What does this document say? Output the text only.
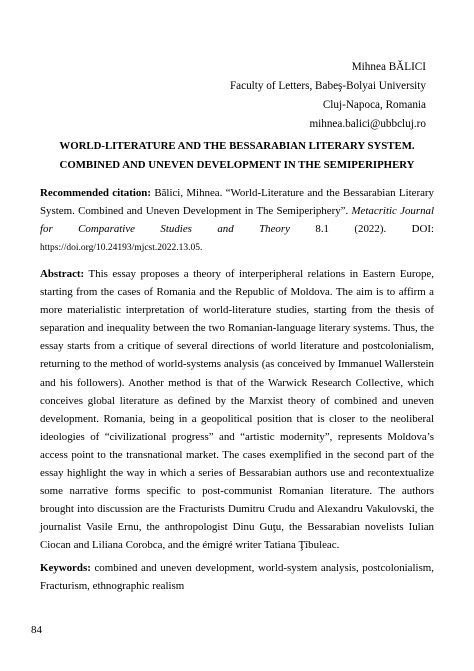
Mihnea BĂLICI
Faculty of Letters, Babeş-Bolyai University
Cluj-Napoca, Romania
mihnea.balici@ubbcluj.ro
WORLD-LITERATURE AND THE BESSARABIAN LITERARY SYSTEM.
COMBINED AND UNEVEN DEVELOPMENT IN THE SEMIPERIPHERY
Recommended citation: Bălici, Mihnea. “World-Literature and the Bessarabian Literary System. Combined and Uneven Development in The Semiperiphery”. Metacritic Journal for Comparative Studies and Theory 8.1 (2022). DOI: https://doi.org/10.24193/mjcst.2022.13.05.
Abstract: This essay proposes a theory of interperipheral relations in Eastern Europe, starting from the cases of Romania and the Republic of Moldova. The aim is to affirm a more materialistic interpretation of world-literature studies, starting from the thesis of separation and inequality between the two Romanian-language literary systems. Thus, the essay starts from a critique of several directions of world literature and postcolonialism, returning to the method of world-systems analysis (as conceived by Immanuel Wallerstein and his followers). Another method is that of the Warwick Research Collective, which conceives global literature as defined by the Marxist theory of combined and uneven development. Romania, being in a geopolitical position that is closer to the neoliberal ideologies of “civilizational progress” and “artistic modernity”, represents Moldova’s access point to the transnational market. The cases exemplified in the second part of the essay highlight the way in which a series of Bessarabian authors use and recontextualize some narrative forms specific to post-communist Romanian literature. The authors brought into discussion are the Fracturists Dumitru Crudu and Alexandru Vakulovski, the journalist Vasile Ernu, the anthropologist Dinu Guţu, the Bessarabian novelists Iulian Ciocan and Liliana Corobca, and the émigré writer Tatiana Ţîbuleac.
Keywords: combined and uneven development, world-system analysis, postcolonialism, Fracturism, ethnographic realism
84
